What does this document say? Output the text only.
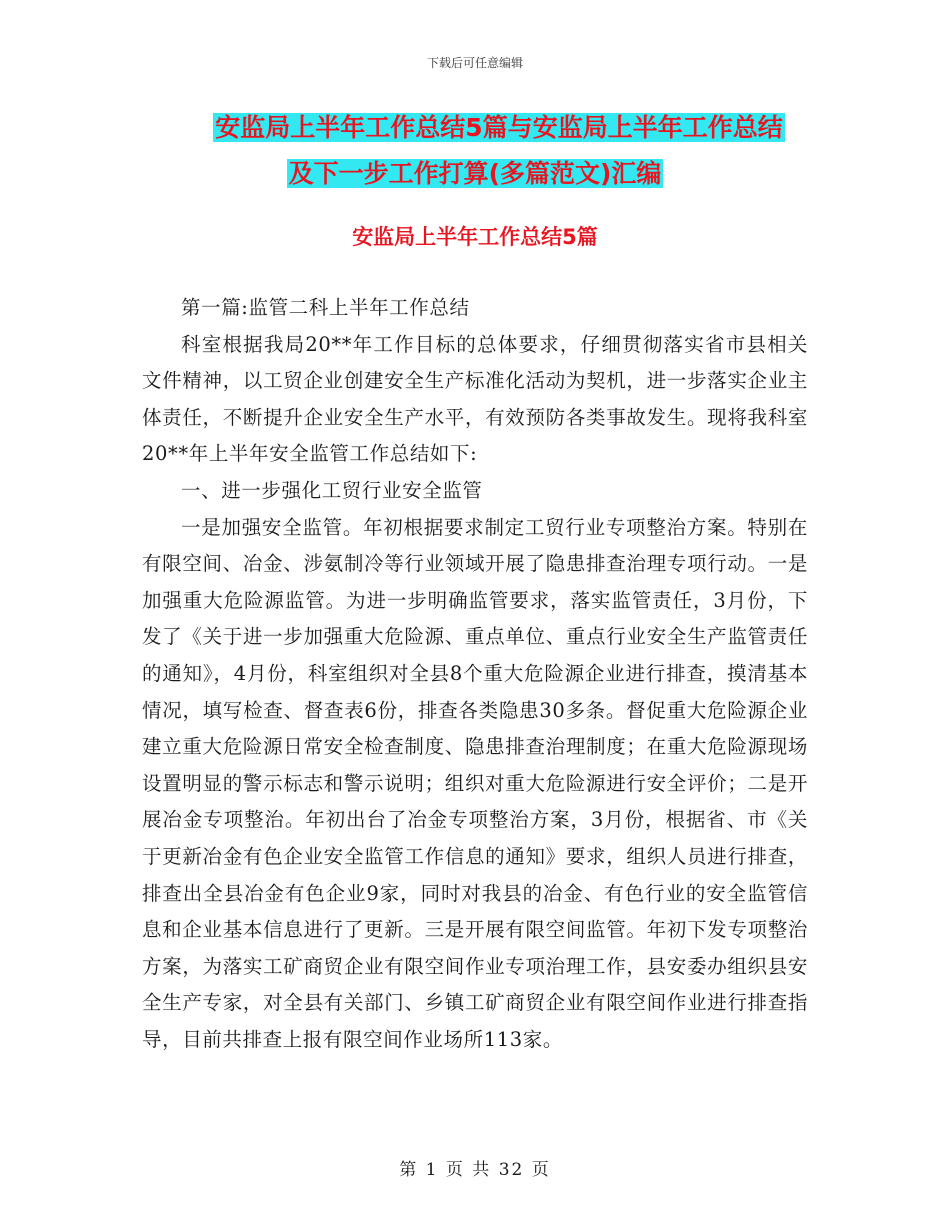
下载后可任意编辑
安监局上半年工作总结5篇与安监局上半年工作总结
及下一步工作打算(多篇范文)汇编
安监局上半年工作总结5篇

第一篇:监管二科上半年工作总结

科室根据我局20**年工作目标的总体要求，仔细贯彻落实省市县相关文件精神，以工贸企业创建安全生产标准化活动为契机，进一步落实企业主体责任，不断提升企业安全生产水平，有效预防各类事故发生。现将我科室20**年上半年安全监管工作总结如下:

一、进一步强化工贸行业安全监管

一是加强安全监管。年初根据要求制定工贸行业专项整治方案。特别在有限空间、冶金、涉氨制冷等行业领域开展了隐患排查治理专项行动。一是加强重大危险源监管。为进一步明确监管要求，落实监管责任，3月份，下发了《关于进一步加强重大危险源、重点单位、重点行业安全生产监管责任的通知》，4月份，科室组织对全县8个重大危险源企业进行排查，摸清基本情况，填写检查、督查表6份，排查各类隐患30多条。督促重大危险源企业建立重大危险源日常安全检查制度、隐患排查治理制度；在重大危险源现场设置明显的警示标志和警示说明；组织对重大危险源进行安全评价；二是开展冶金专项整治。年初出台了冶金专项整治方案，3月份，根据省、市《关于更新冶金有色企业安全监管工作信息的通知》要求，组织人员进行排查，排查出全县冶金有色企业9家，同时对我县的冶金、有色行业的安全监管信息和企业基本信息进行了更新。三是开展有限空间监管。年初下发专项整治方案，为落实工矿商贸企业有限空间作业专项治理工作，县安委办组织县安全生产专家，对全县有关部门、乡镇工矿商贸企业有限空间作业进行排查指导，目前共排查上报有限空间作业场所113家。

第 1 页 共 32 页
